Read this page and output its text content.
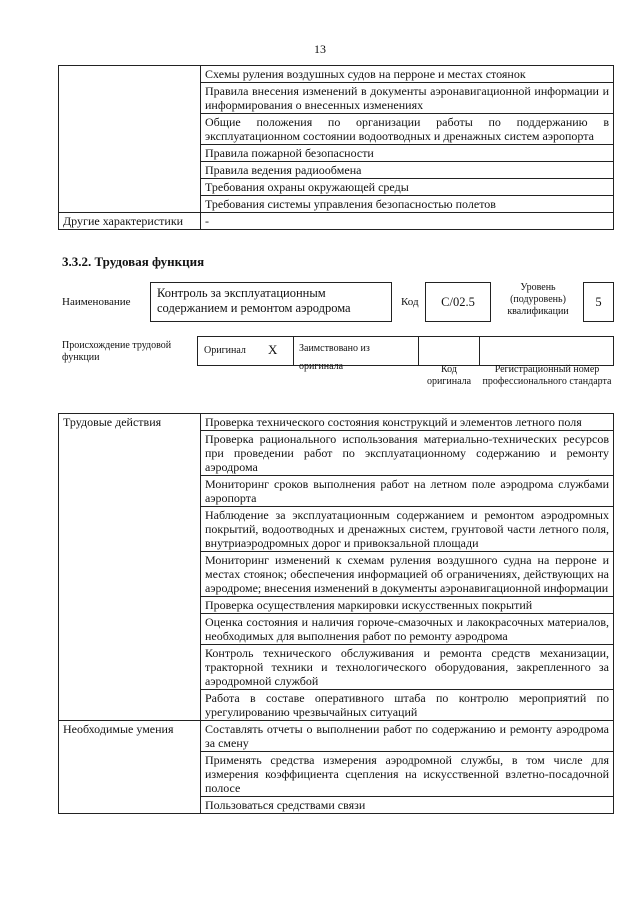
13
	Схемы руления воздушных судов на перроне и местах стоянок
	Правила внесения изменений в документы аэронавигационной информации и информирования о внесенных изменениях
	Общие положения по организации работы по поддержанию в эксплуатационном состоянии водоотводных и дренажных систем аэропорта
	Правила пожарной безопасности
	Правила ведения радиообмена
	Требования охраны окружающей среды
	Требования системы управления безопасностью полетов
Другие характеристики	-
3.3.2. Трудовая функция
Наименование
Контроль за эксплуатационным содержанием и ремонтом аэродрома	Код	С/02.5
Уровень (подуровень) квалификации
5
Происхождение трудовой функции
Оригинал X	Заимствовано из оригинала	Код оригинала
Регистрационный номер профессионального стандарта
Трудовые действия	Проверка технического состояния конструкций и элементов летного поля
	Проверка рационального использования материально-технических ресурсов при проведении работ по эксплуатационному содержанию и ремонту аэродрома
	Мониторинг сроков выполнения работ на летном поле аэродрома службами аэропорта
	Наблюдение за эксплуатационным содержанием и ремонтом аэродромных покрытий, водоотводных и дренажных систем, грунтовой части летного поля, внутриаэродромных дорог и привокзальной площади
	Мониторинг изменений к схемам руления воздушного судна на перроне и местах стоянок; обеспечения информацией об ограничениях, действующих на аэродроме; внесения изменений в документы аэронавигационной информации
	Проверка осуществления маркировки искусственных покрытий
	Оценка состояния и наличия горюче-смазочных и лакокрасочных материалов, необходимых для выполнения работ по ремонту аэродрома
	Контроль технического обслуживания и ремонта средств механизации, тракторной техники и технологического оборудования, закрепленного за аэродромной службой
	Работа в составе оперативного штаба по контролю мероприятий по урегулированию чрезвычайных ситуаций
Необходимые умения	Составлять отчеты о выполнении работ по содержанию и ремонту аэродрома за смену
	Применять средства измерения аэродромной службы, в том числе для измерения коэффициента сцепления на искусственной взлетно-посадочной полосе
	Пользоваться средствами связи
